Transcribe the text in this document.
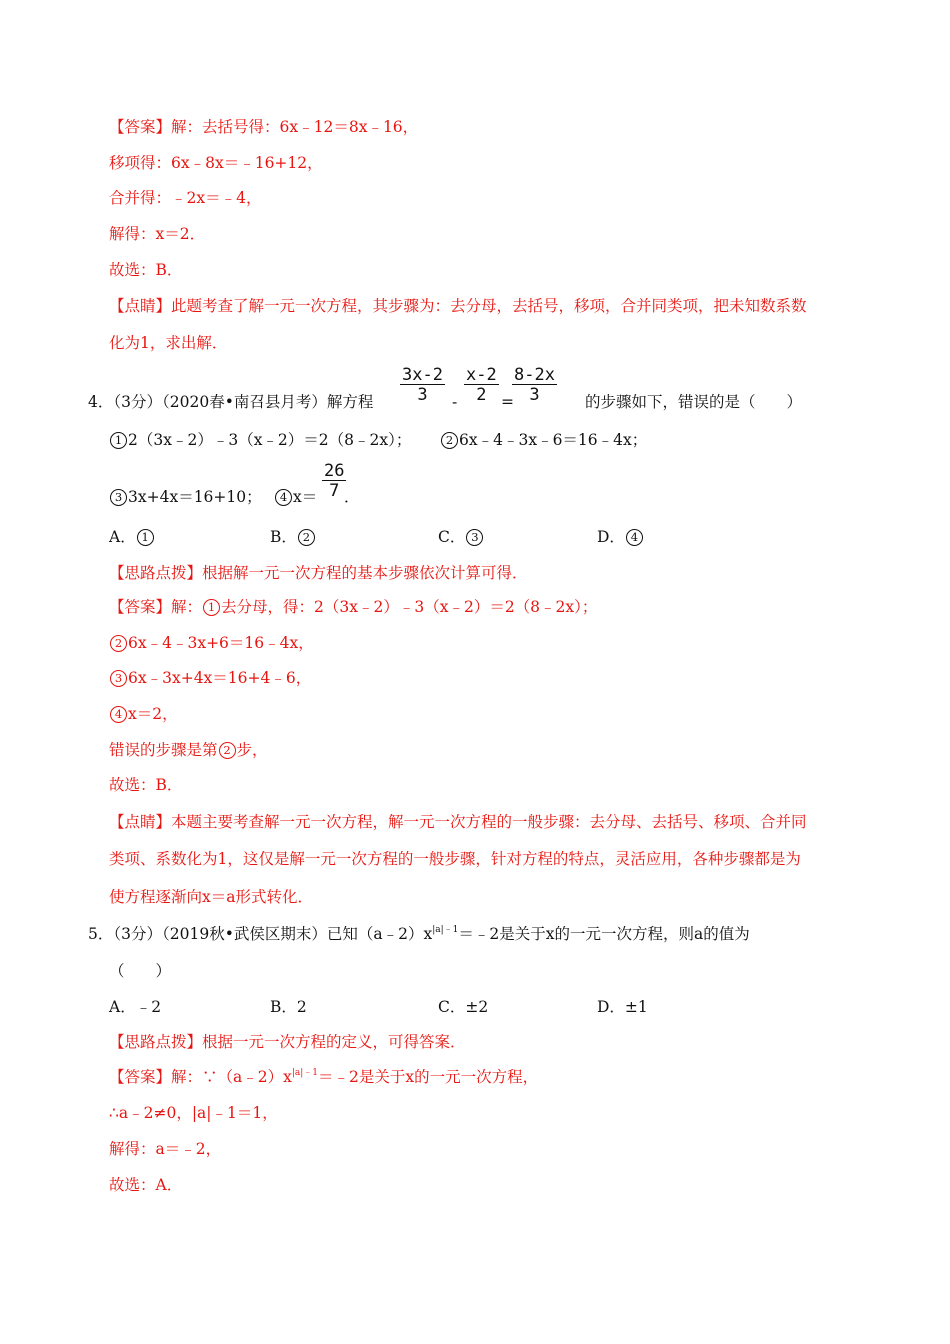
【答案】解：去括号得：6x﹣12＝8x﹣16，
移项得：6x﹣8x＝﹣16+12，
合并得：﹣2x＝﹣4，
解得：x＝2．
故选：B．
【点睛】此题考查了解一元一次方程，其步骤为：去分母，去括号，移项，合并同类项，把未知数系数
化为1，求出解．
4．（3分）（2020春•南召县月考）解方程 $\frac{3x-2}{3} - \frac{x-2}{2}$ =
$\frac{8-2x}{3}$ 的步骤如下，错误的是（　　）
1 2（3x﹣2）﹣3（x﹣2）＝2（8﹣2x）；	2 6x﹣4﹣3x﹣6＝16﹣4x；
3 3x+4x＝16+10；	4 $x= \frac{26}{7}$
．
A． 1	B． 2	C． 3	D． 4
【思路点拨】根据解一元一次方程的基本步骤依次计算可得．
【答案】解： 1 去分母，得：2（3x﹣2）﹣3（x﹣2）＝2（8﹣2x）；
2 6x﹣4﹣3x+6＝16﹣4x，
3 6x﹣3x+4x＝16+4﹣6，
4 x＝2，
错误的步骤是第 2 步，
故选：B．
【点睛】本题主要考查解一元一次方程，解一元一次方程的一般步骤：去分母、去括号、移项、合并同
类项、系数化为1，这仅是解一元一次方程的一般步骤，针对方程的特点，灵活应用，各种步骤都是为
使方程逐渐向x＝a形式转化．
5．（3分）（2019秋•武侯区期末）已知$(a﹣2)x^{|a|﹣1}=﹣2$是关于x的一元一次方程，则a的值为
（　　）
A．﹣2	B．2	C．±2	D．±1
【思路点拨】根据一元一次方程的定义，可得答案．
【答案】解：$\because(a﹣2)x^{|a|﹣1}=﹣2$是关于x的一元一次方程，
∴a﹣2≠0，|a|﹣1＝1，
解得：a＝﹣2，
故选：A．
